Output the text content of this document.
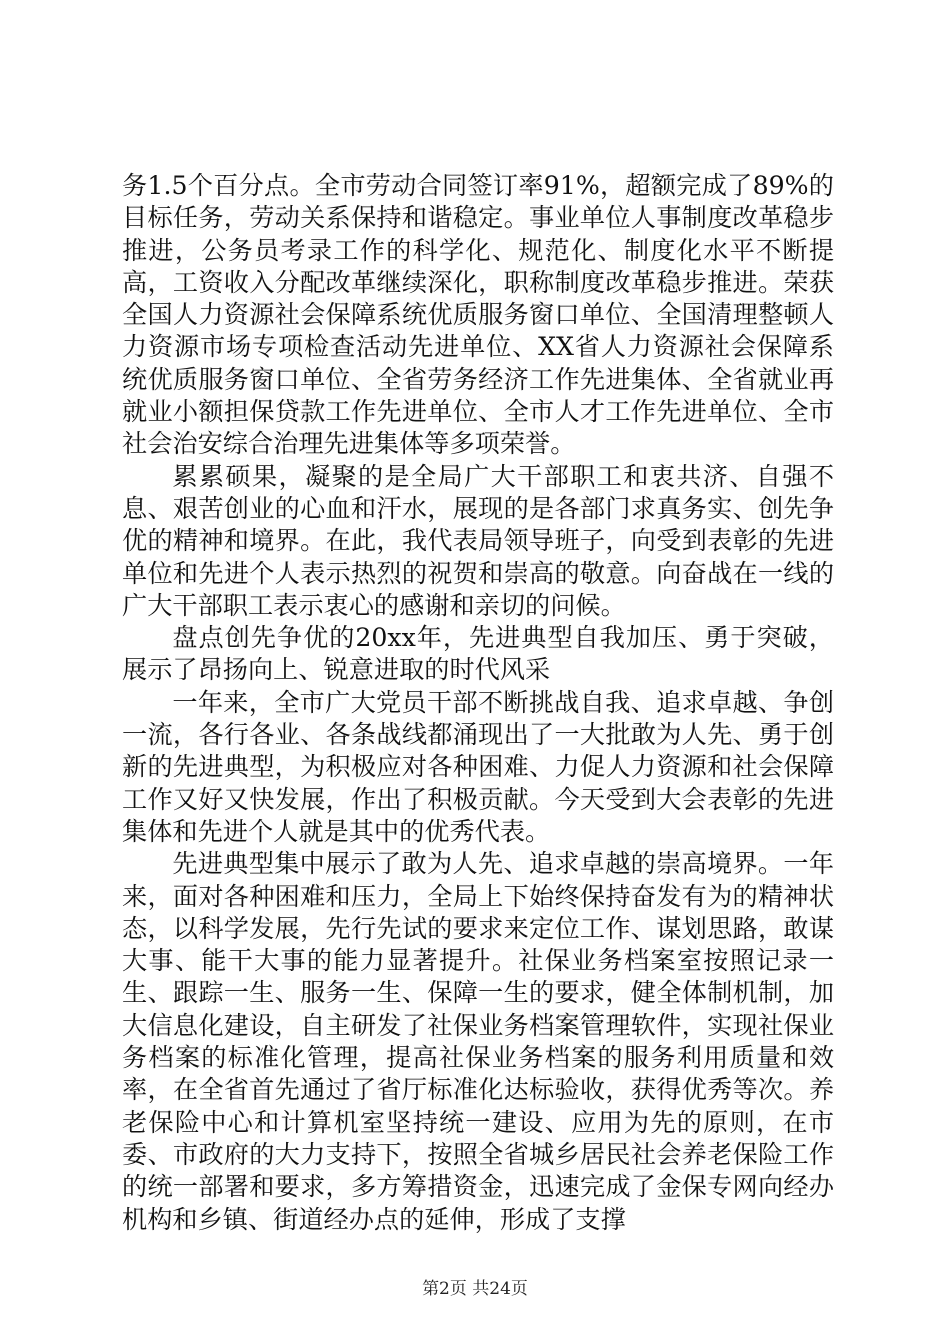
务1.5个百分点。全市劳动合同签订率91%，超额完成了89%的目标任务，劳动关系保持和谐稳定。事业单位人事制度改革稳步推进，公务员考录工作的科学化、规范化、制度化水平不断提高，工资收入分配改革继续深化，职称制度改革稳步推进。荣获全国人力资源社会保障系统优质服务窗口单位、全国清理整顿人力资源市场专项检查活动先进单位、XX省人力资源社会保障系统优质服务窗口单位、全省劳务经济工作先进集体、全省就业再就业小额担保贷款工作先进单位、全市人才工作先进单位、全市社会治安综合治理先进集体等多项荣誉。

累累硕果，凝聚的是全局广大干部职工和衷共济、自强不息、艰苦创业的心血和汗水，展现的是各部门求真务实、创先争优的精神和境界。在此，我代表局领导班子，向受到表彰的先进单位和先进个人表示热烈的祝贺和崇高的敬意。向奋战在一线的广大干部职工表示衷心的感谢和亲切的问候。

盘点创先争优的20xx年，先进典型自我加压、勇于突破，展示了昂扬向上、锐意进取的时代风采

一年来，全市广大党员干部不断挑战自我、追求卓越、争创一流，各行各业、各条战线都涌现出了一大批敢为人先、勇于创新的先进典型，为积极应对各种困难、力促人力资源和社会保障工作又好又快发展，作出了积极贡献。今天受到大会表彰的先进集体和先进个人就是其中的优秀代表。

先进典型集中展示了敢为人先、追求卓越的崇高境界。一年来，面对各种困难和压力，全局上下始终保持奋发有为的精神状态，以科学发展，先行先试的要求来定位工作、谋划思路，敢谋大事、能干大事的能力显著提升。社保业务档案室按照记录一生、跟踪一生、服务一生、保障一生的要求，健全体制机制，加大信息化建设，自主研发了社保业务档案管理软件，实现社保业务档案的标准化管理，提高社保业务档案的服务利用质量和效率，在全省首先通过了省厅标准化达标验收，获得优秀等次。养老保险中心和计算机室坚持统一建设、应用为先的原则，在市委、市政府的大力支持下，按照全省城乡居民社会养老保险工作的统一部署和要求，多方筹措资金，迅速完成了金保专网向经办机构和乡镇、街道经办点的延伸，形成了支撑

第2页 共24页
